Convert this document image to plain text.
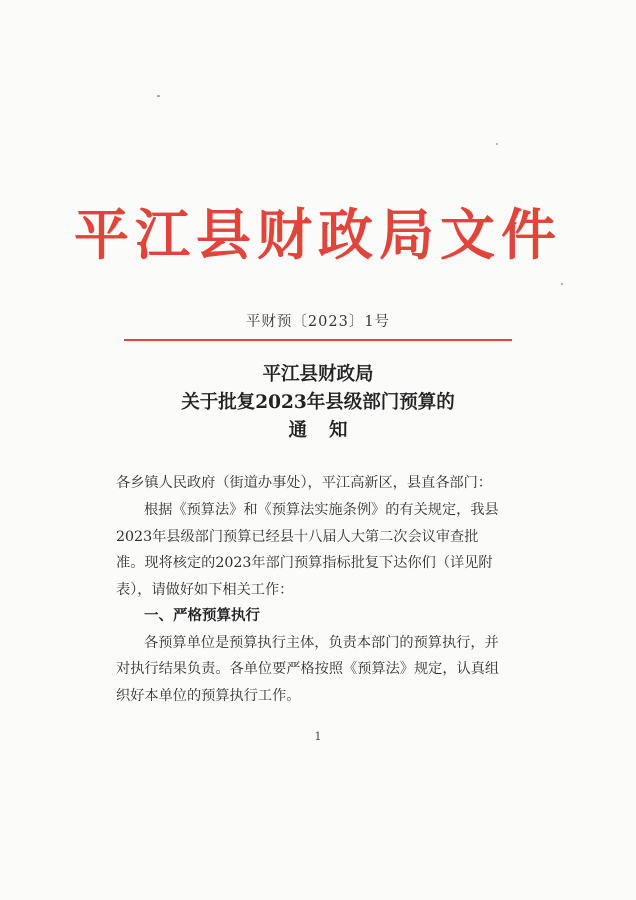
平江县财政局文件
平财预〔2023〕1号
平江县财政局
关于批复2023年县级部门预算的
通知
各乡镇人民政府（街道办事处），平江高新区，县直各部门：
根据《预算法》和《预算法实施条例》的有关规定，我县
2023年县级部门预算已经县十八届人大第二次会议审查批
准。现将核定的2023年部门预算指标批复下达你们（详见附
表），请做好如下相关工作：
一、严格预算执行
各预算单位是预算执行主体，负责本部门的预算执行，并
对执行结果负责。各单位要严格按照《预算法》规定，认真组
织好本单位的预算执行工作。
1
